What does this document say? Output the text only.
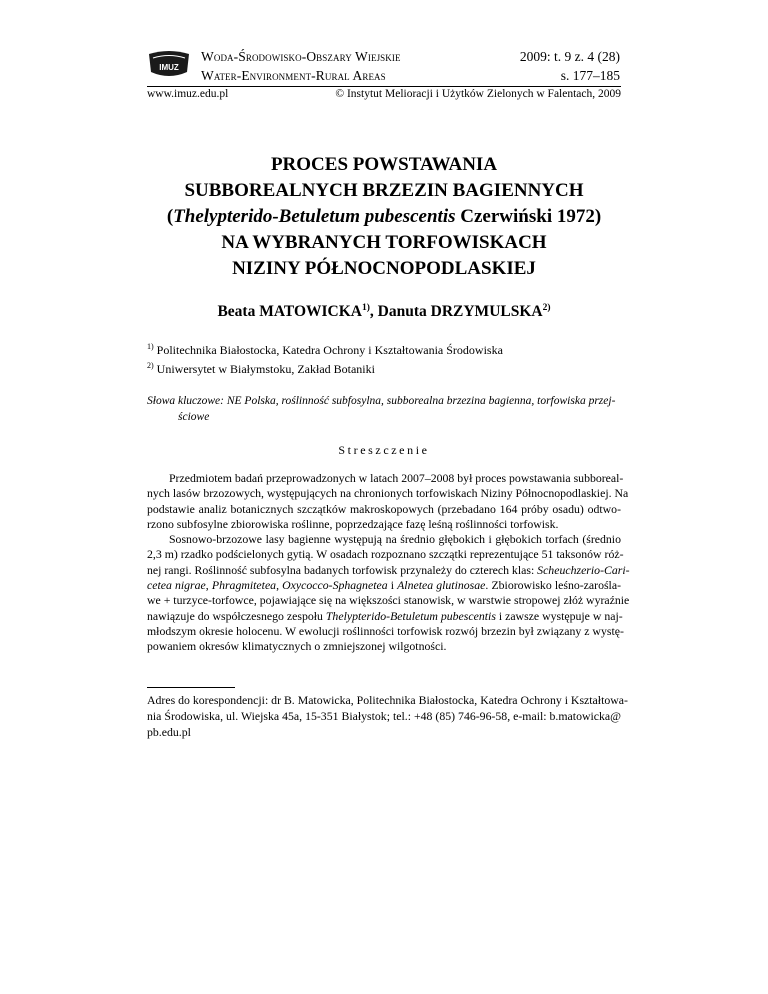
IMUZ
Woda-Środowisko-Obszary Wiejskie
Water-Environment-Rural Areas
2009: t. 9 z. 4 (28)
s. 177–185
www.imuz.edu.pl	© Instytut Melioracji i Użytków Zielonych w Falentach, 2009
PROCES POWSTAWANIA
SUBBOREALNYCH BRZEZIN BAGIENNYCH
(Thelypterido-Betuletum pubescentis Czerwiński 1972)
NA WYBRANYCH TORFOWISKACH
NIZINY PÓŁNOCNOPODLASKIEJ
Beata MATOWICKA$^{1)}$, Danuta DRZYMULSKA$^{2)}$
$^{1)}$ Politechnika Białostocka, Katedra Ochrony i Kształtowania Środowiska
$^{2)}$ Uniwersytet w Białymstoku, Zakład Botaniki
Słowa kluczowe: NE Polska, roślinność subfosylna, subborealna brzezina bagienna, torfowiska przej-
ściowe
Streszczenie
Przedmiotem badań przeprowadzonych w latach 2007–2008 był proces powstawania subboreal-
nych lasów brzozowych, występujących na chronionych torfowiskach Niziny Północnopodlaskiej. Na
podstawie analiz botanicznych szczątków makroskopowych (przebadano 164 próby osadu) odtwo-
rzono subfosylne zbiorowiska roślinne, poprzedzające fazę leśną roślinności torfowisk.
Sosnowo-brzozowe lasy bagienne występują na średnio głębokich i głębokich torfach (średnio
2,3 m) rzadko podścielonych gytią. W osadach rozpoznano szczątki reprezentujące 51 taksonów róż-
nej rangi. Roślinność subfosylna badanych torfowisk przynależy do czterech klas: Scheuchzerio-Cari-
cetea nigrae, Phragmitetea, Oxycocco-Sphagnetea i Alnetea glutinosae. Zbiorowisko leśno-zarośla-
we + turzyce-torfowce, pojawiające się na większości stanowisk, w warstwie stropowej złóż wyraźnie
nawiązuje do współczesnego zespołu Thelypterido-Betuletum pubescentis i zawsze występuje w naj-
młodszym okresie holocenu. W ewolucji roślinności torfowisk rozwój brzezin był związany z wystę-
powaniem okresów klimatycznych o zmniejszonej wilgotności.
Adres do korespondencji: dr B. Matowicka, Politechnika Białostocka, Katedra Ochrony i Kształtowa-
nia Środowiska, ul. Wiejska 45a, 15-351 Białystok; tel.: +48 (85) 746-96-58, e-mail: b.matowicka@
pb.edu.pl
